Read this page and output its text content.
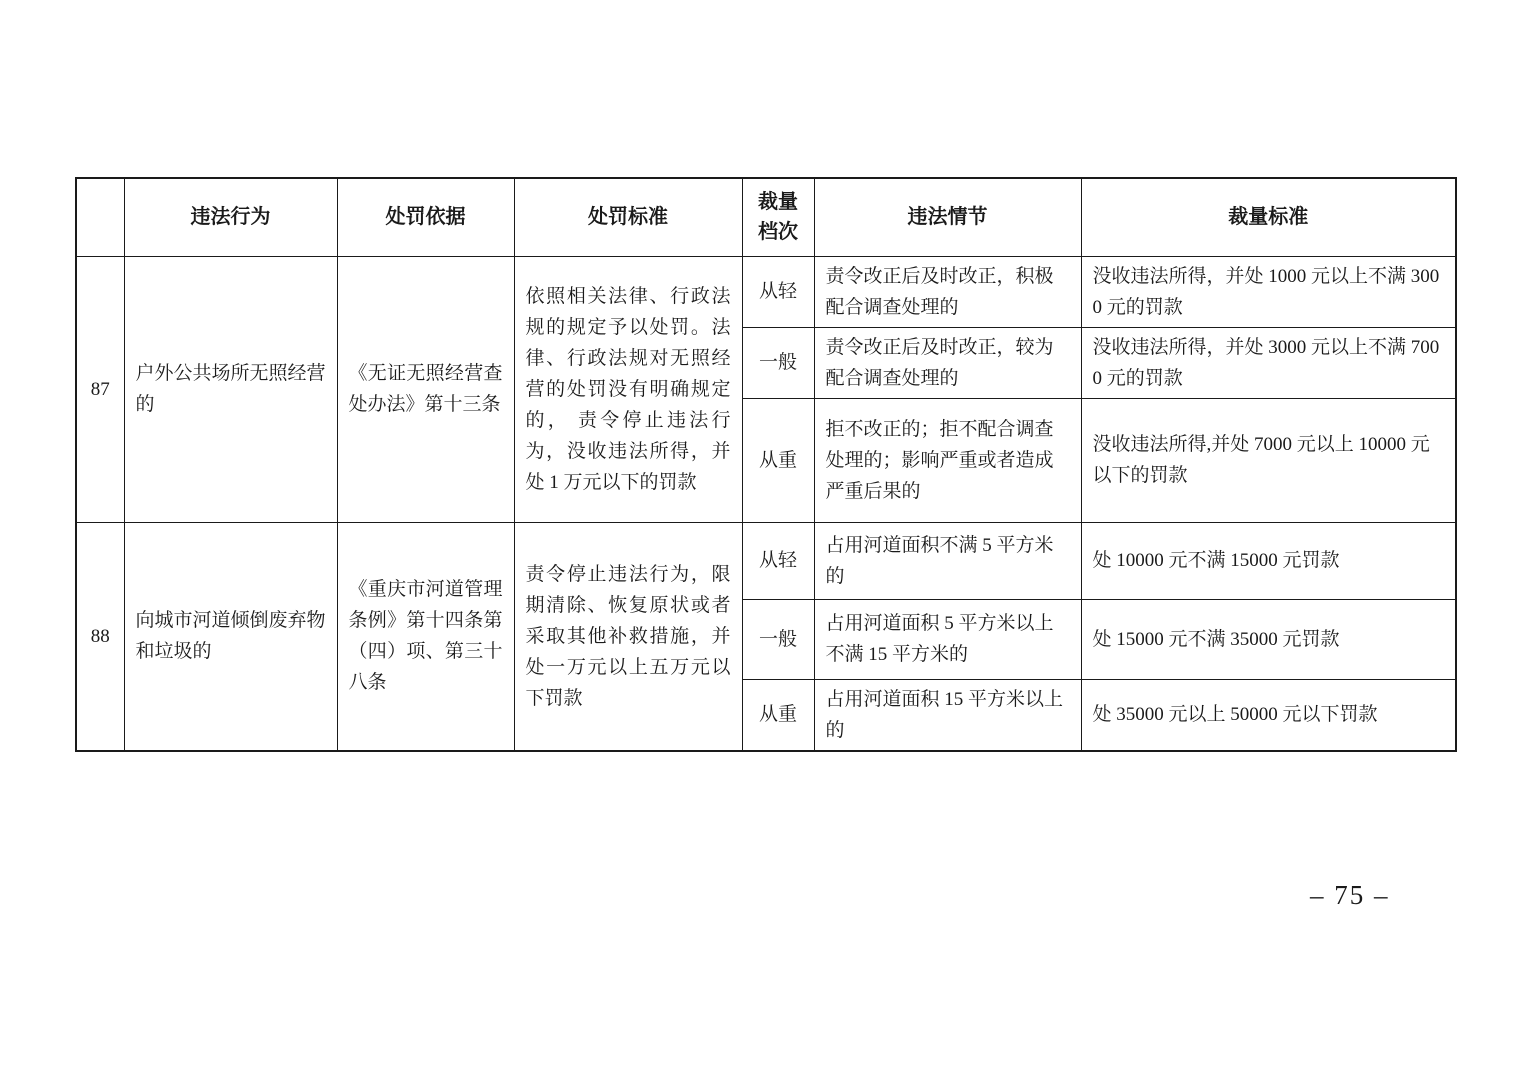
	违法行为	处罚依据	处罚标准	裁量档次	违法情节	裁量标准
87	户外公共场所无照经营的	《无证无照经营查处办法》第十三条	依照相关法律、行政法规的规定予以处罚。法律、行政法规对无照经营的处罚没有明确规定的， 责令停止违法行为，没收违法所得，并处 1 万元以下的罚款	从轻	责令改正后及时改正，积极配合调查处理的	没收违法所得，并处 1000 元以上不满 3000 元的罚款
				一般	责令改正后及时改正，较为配合调查处理的	没收违法所得，并处 3000 元以上不满 7000 元的罚款
				从重	拒不改正的；拒不配合调查处理的；影响严重或者造成严重后果的	没收违法所得,并处 7000 元以上 10000 元以下的罚款
88	向城市河道倾倒废弃物和垃圾的	《重庆市河道管理条例》第十四条第（四）项、第三十八条	责令停止违法行为，限期清除、恢复原状或者采取其他补救措施，并处一万元以上五万元以下罚款	从轻	占用河道面积不满 5 平方米的	处 10000 元不满 15000 元罚款
				一般	占用河道面积 5 平方米以上不满 15 平方米的	处 15000 元不满 35000 元罚款
				从重	占用河道面积 15 平方米以上的	处 35000 元以上 50000 元以下罚款
– 75 –
